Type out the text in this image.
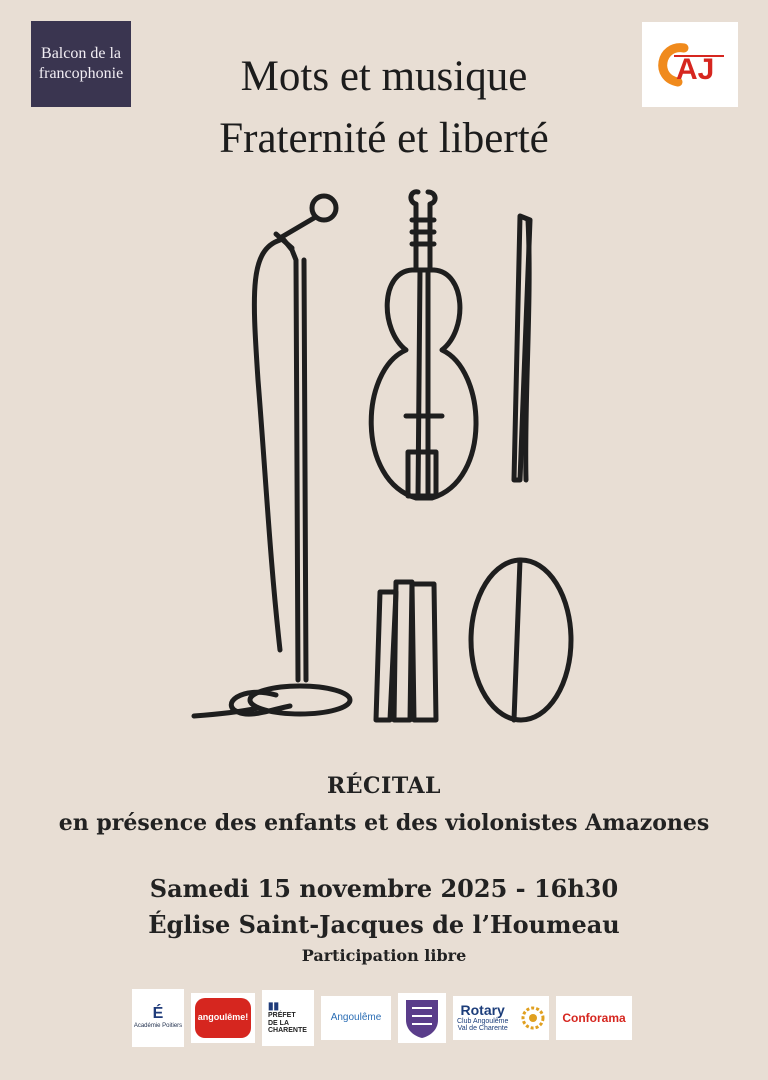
Balcon de la
francophonie	AJ
Mots et musique
Fraternité et liberté
RÉCITAL
en présence des enfants et des violonistes Amazones
Samedi 15 novembre 2025 - 16h30
Église Saint-Jacques de l’Houmeau
Participation libre
É
Académie Poitiers
angoulême!
▮▮
PRÉFET
DE LA
CHARENTE
Angoulême	Rotary
Club Angoulême
Val de Charente
Conforama
